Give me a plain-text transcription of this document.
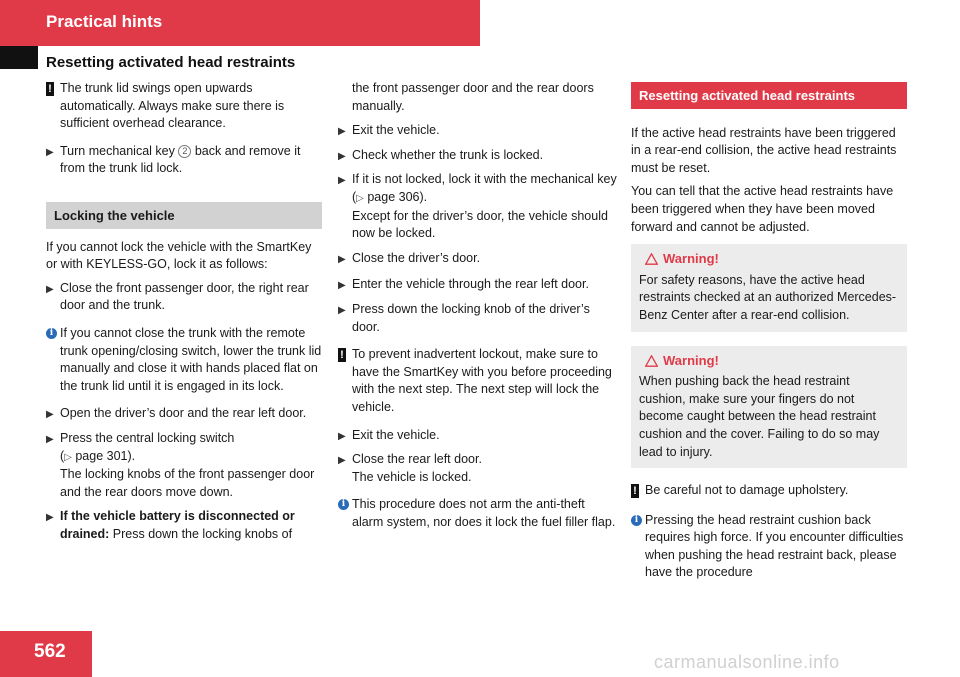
Practical hints
Resetting activated head restraints
! The trunk lid swings open upwards automatically. Always make sure there is sufficient overhead clearance.
▶ Turn mechanical key 2 back and remove it from the trunk lid lock.
Locking the vehicle
If you cannot lock the vehicle with the SmartKey or with KEYLESS-GO, lock it as follows:
▶ Close the front passenger door, the right rear door and the trunk.
i If you cannot close the trunk with the remote trunk opening/closing switch, lower the trunk lid manually and close it with hands placed flat on the trunk lid until it is engaged in its lock.
▶ Open the driver’s door and the rear left door.
▶ Press the central locking switch
(▷ page 301).
The locking knobs of the front passenger door and the rear doors move down.
▶ If the vehicle battery is disconnected or drained: Press down the locking knobs of
the front passenger door and the rear doors manually.
▶ Exit the vehicle.
▶ Check whether the trunk is locked.
▶ If it is not locked, lock it with the mechanical key (▷ page 306).
Except for the driver’s door, the vehicle should now be locked.
▶ Close the driver’s door.
▶ Enter the vehicle through the rear left door.
▶ Press down the locking knob of the driver’s door.
! To prevent inadvertent lockout, make sure to have the SmartKey with you before proceeding with the next step. The next step will lock the vehicle.
▶ Exit the vehicle.
▶ Close the rear left door.
The vehicle is locked.
i This procedure does not arm the anti-theft alarm system, nor does it lock the fuel filler flap.
Resetting activated head restraints
If the active head restraints have been triggered in a rear-end collision, the active head restraints must be reset.
You can tell that the active head restraints have been triggered when they have been moved forward and cannot be adjusted.
Warning!
For safety reasons, have the active head restraints checked at an authorized Mercedes-Benz Center after a rear-end collision.
Warning!
When pushing back the head restraint cushion, make sure your fingers do not become caught between the head restraint cushion and the cover. Failing to do so may lead to injury.
! Be careful not to damage upholstery.
i Pressing the head restraint cushion back requires high force. If you encounter difficulties when pushing the head restraint back, please have the procedure
562	carmanualsonline.info
